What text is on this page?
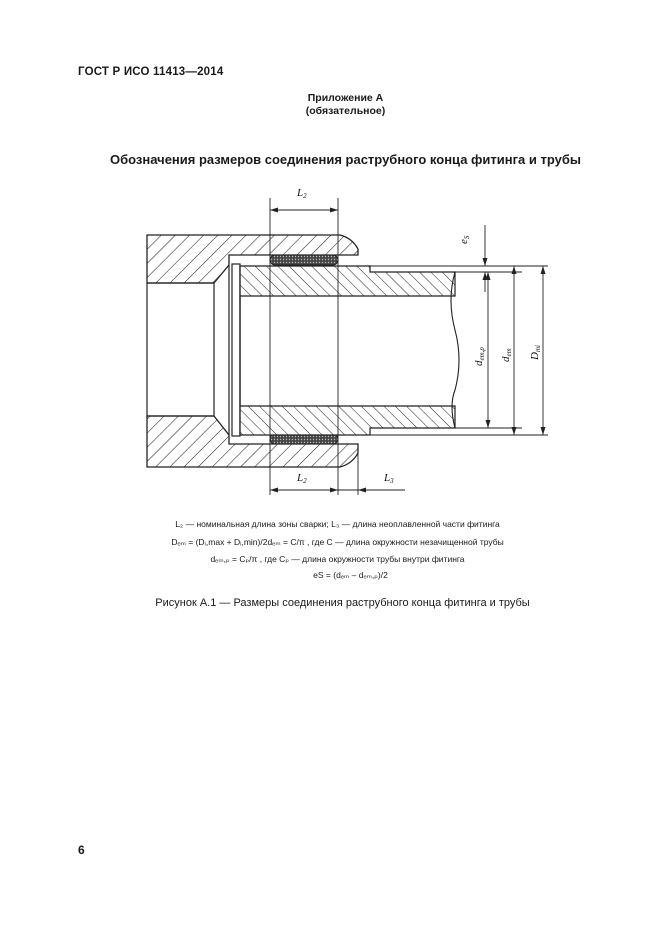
ГОСТ Р ИСО 11413—2014
Приложение А
(обязательное)
Обозначения размеров соединения раструбного конца фитинга и трубы
L2
L2	L3
eS
dem,p dem Dmi
L₂ — номинальная длина зоны сварки; L₃ — длина неоплавленной части фитинга
Dₑₘ = (Dᵢ,max + Dᵢ,min)/2dₑₘ = C/π , где C — длина окружности незачищенной трубы
dₑₘ,ₚ = Cₚ/π , где Cₚ — длина окружности трубы внутри фитинга
eS = (dₑₘ – dₑₘ,ₚ)/2
Рисунок А.1 — Размеры соединения раструбного конца фитинга и трубы
6
